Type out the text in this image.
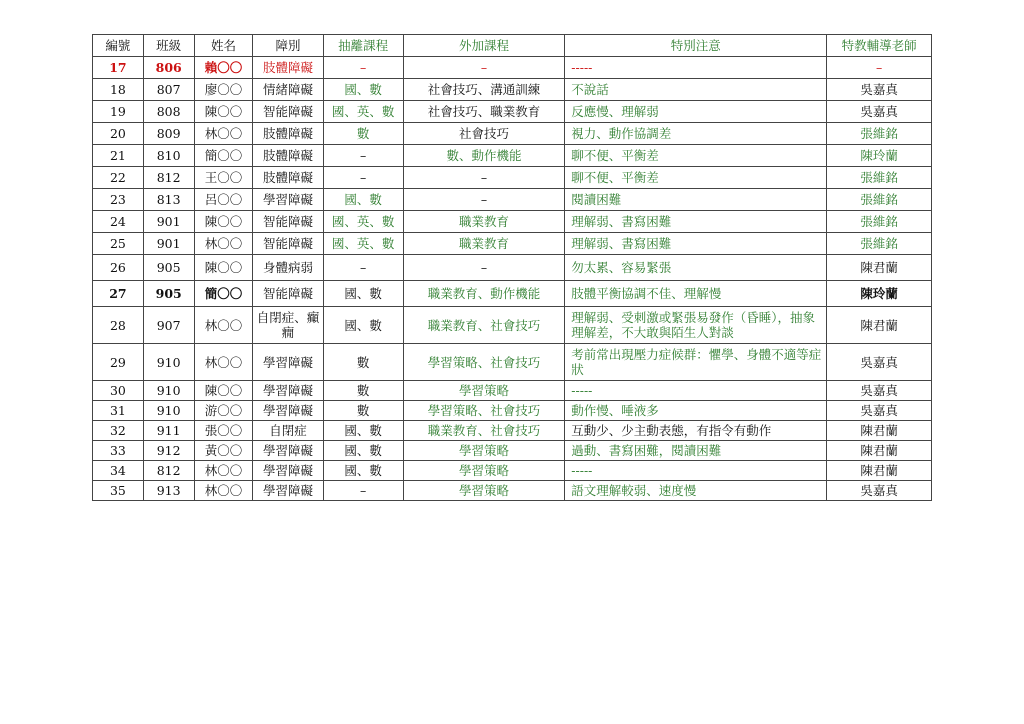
編號	班級	姓名	障別	抽離課程	外加課程	特別注意	特教輔導老師
17	806	賴〇〇	肢體障礙	–	–	-----	–
18	807	廖〇〇	情緒障礙	國、數	社會技巧、溝通訓練	不說話	吳嘉真
19	808	陳〇〇	智能障礙	國、英、數	社會技巧、職業教育	反應慢、理解弱	吳嘉真
20	809	林〇〇	肢體障礙	數	社會技巧	視力、動作協調差	張維銘
21	810	簡〇〇	肢體障礙	–	數、動作機能	聊不便、平衡差	陳玲蘭
22	812	王〇〇	肢體障礙	–	–	聊不便、平衡差	張維銘
23	813	呂〇〇	學習障礙	國、數	–	閱讀困難	張維銘
24	901	陳〇〇	智能障礙	國、英、數	職業教育	理解弱、書寫困難	張維銘
25	901	林〇〇	智能障礙	國、英、數	職業教育	理解弱、書寫困難	張維銘
26	905	陳〇〇	身體病弱	–	–	勿太累、容易緊張	陳君蘭
27	905	簡〇〇	智能障礙	國、數	職業教育、動作機能	肢體平衡協調不佳、理解慢	陳玲蘭
28	907	林〇〇	自閉症、癲癇	國、數	職業教育、社會技巧	理解弱、受刺激或緊張易發作（昏睡），抽象理解差，不大敢與陌生人對談	陳君蘭
29	910	林〇〇	學習障礙	數	學習策略、社會技巧	考前常出現壓力症候群：懼學、身體不適等症狀	吳嘉真
30	910	陳〇〇	學習障礙	數	學習策略	-----	吳嘉真
31	910	游〇〇	學習障礙	數	學習策略、社會技巧	動作慢、唾液多	吳嘉真
32	911	張〇〇	自閉症	國、數	職業教育、社會技巧	互動少、少主動表態，有指令有動作	陳君蘭
33	912	黃〇〇	學習障礙	國、數	學習策略	過動、書寫困難，閱讀困難	陳君蘭
34	812	林〇〇	學習障礙	國、數	學習策略	-----	陳君蘭
35	913	林〇〇	學習障礙	–	學習策略	語文理解較弱、速度慢	吳嘉真
